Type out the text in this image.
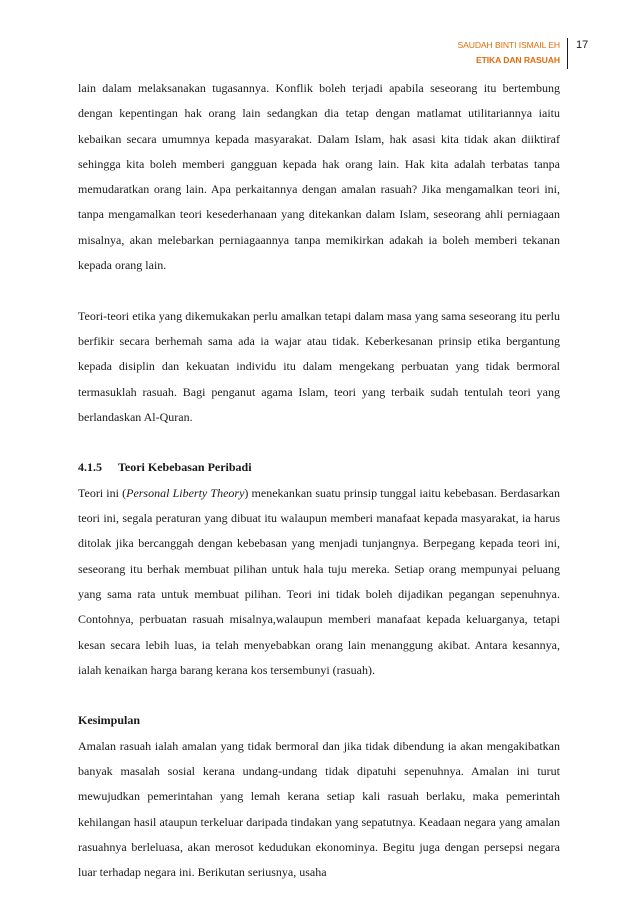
SAUDAH BINTI ISMAIL EH
ETIKA DAN RASUAH
17

lain dalam melaksanakan tugasannya. Konflik boleh terjadi apabila seseorang itu bertembung dengan kepentingan hak orang lain sedangkan dia tetap dengan matlamat utilitariannya iaitu kebaikan secara umumnya kepada masyarakat. Dalam Islam, hak asasi kita tidak akan diiktiraf sehingga kita boleh memberi gangguan kepada hak orang lain. Hak kita adalah terbatas tanpa memudaratkan orang lain. Apa perkaitannya dengan amalan rasuah? Jika mengamalkan teori ini, tanpa mengamalkan teori kesederhanaan yang ditekankan dalam Islam, seseorang ahli perniagaan misalnya, akan melebarkan perniagaannya tanpa memikirkan adakah ia boleh memberi tekanan kepada orang lain.

Teori-teori etika yang dikemukakan perlu amalkan tetapi dalam masa yang sama seseorang itu perlu berfikir secara berhemah sama ada ia wajar atau tidak. Keberkesanan prinsip etika bergantung kepada disiplin dan kekuatan individu itu dalam mengekang perbuatan yang tidak bermoral termasuklah rasuah. Bagi penganut agama Islam, teori yang terbaik sudah tentulah teori yang berlandaskan Al-Quran.

4.1.5 Teori Kebebasan Peribadi

Teori ini (Personal Liberty Theory) menekankan suatu prinsip tunggal iaitu kebebasan. Berdasarkan teori ini, segala peraturan yang dibuat itu walaupun memberi manafaat kepada masyarakat, ia harus ditolak jika bercanggah dengan kebebasan yang menjadi tunjangnya. Berpegang kepada teori ini, seseorang itu berhak membuat pilihan untuk hala tuju mereka. Setiap orang mempunyai peluang yang sama rata untuk membuat pilihan. Teori ini tidak boleh dijadikan pegangan sepenuhnya. Contohnya, perbuatan rasuah misalnya,walaupun memberi manafaat kepada keluarganya, tetapi kesan secara lebih luas, ia telah menyebabkan orang lain menanggung akibat. Antara kesannya, ialah kenaikan harga barang kerana kos tersembunyi (rasuah).

Kesimpulan

Amalan rasuah ialah amalan yang tidak bermoral dan jika tidak dibendung ia akan mengakibatkan banyak masalah sosial kerana undang-undang tidak dipatuhi sepenuhnya. Amalan ini turut mewujudkan pemerintahan yang lemah kerana setiap kali rasuah berlaku, maka pemerintah kehilangan hasil ataupun terkeluar daripada tindakan yang sepatutnya. Keadaan negara yang amalan rasuahnya berleluasa, akan merosot kedudukan ekonominya. Begitu juga dengan persepsi negara luar terhadap negara ini. Berikutan seriusnya, usaha
